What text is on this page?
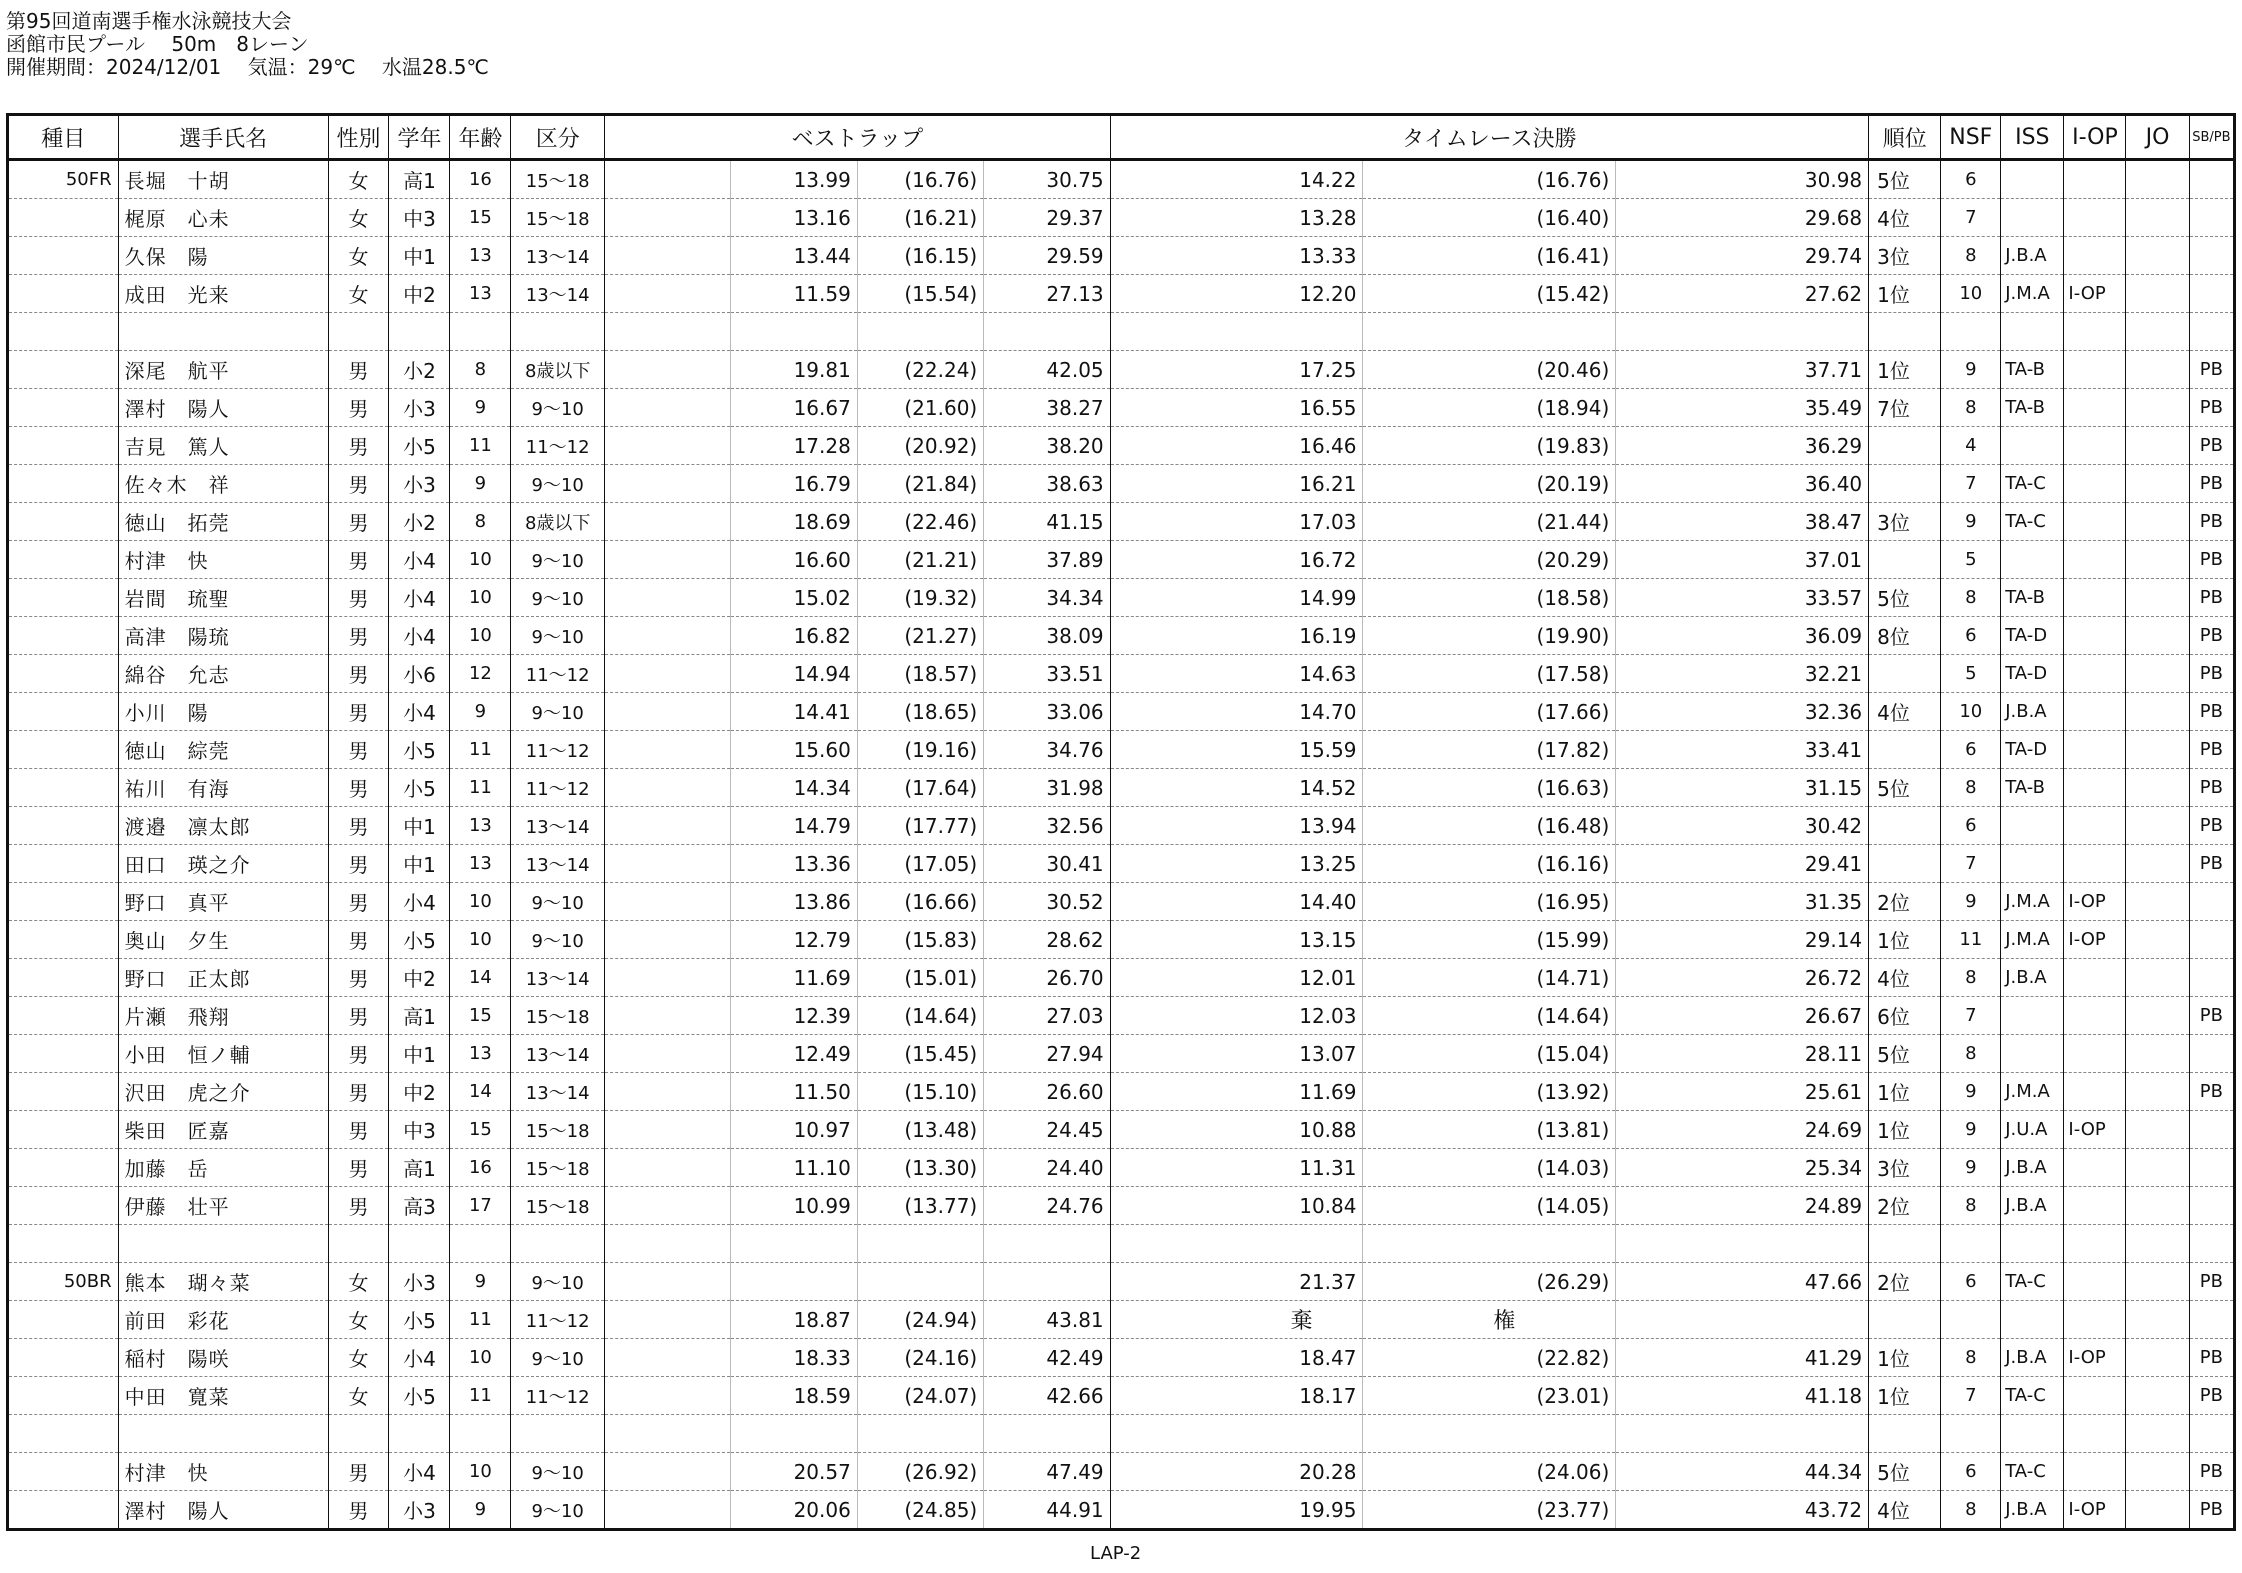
第95回道南選手権水泳競技大会
函館市民プール　 50m　8レーン
開催期間：2024/12/01　 気温：29℃　 水温28.5℃
種目	選手氏名	性別	学年	年齢	区分	ベストラップ				タイムレース決勝			順位	NSF	ISS	I-OP	JO	SB/PB
50FR	長堀　十胡	女	高1	16	15～18		13.99	(16.76)	30.75	14.22	(16.76)	30.98	5位	6				
	梶原　心未	女	中3	15	15～18		13.16	(16.21)	29.37	13.28	(16.40)	29.68	4位	7				
	久保　陽	女	中1	13	13～14		13.44	(16.15)	29.59	13.33	(16.41)	29.74	3位	8	J.B.A			
	成田　光来	女	中2	13	13～14		11.59	(15.54)	27.13	12.20	(15.42)	27.62	1位	10	J.M.A	I-OP		

	深尾　航平	男	小2	8	8歳以下		19.81	(22.24)	42.05	17.25	(20.46)	37.71	1位	9	TA-B			PB
	澤村　陽人	男	小3	9	9～10		16.67	(21.60)	38.27	16.55	(18.94)	35.49	7位	8	TA-B			PB
	吉見　篤人	男	小5	11	11～12		17.28	(20.92)	38.20	16.46	(19.83)	36.29		4				PB
	佐々木　祥	男	小3	9	9～10		16.79	(21.84)	38.63	16.21	(20.19)	36.40		7	TA-C			PB
	徳山　拓莞	男	小2	8	8歳以下		18.69	(22.46)	41.15	17.03	(21.44)	38.47	3位	9	TA-C			PB
	村津　快	男	小4	10	9～10		16.60	(21.21)	37.89	16.72	(20.29)	37.01		5				PB
	岩間　琉聖	男	小4	10	9～10		15.02	(19.32)	34.34	14.99	(18.58)	33.57	5位	8	TA-B			PB
	高津　陽琉	男	小4	10	9～10		16.82	(21.27)	38.09	16.19	(19.90)	36.09	8位	6	TA-D			PB
	綿谷　允志	男	小6	12	11～12		14.94	(18.57)	33.51	14.63	(17.58)	32.21		5	TA-D			PB
	小川　陽	男	小4	9	9～10		14.41	(18.65)	33.06	14.70	(17.66)	32.36	4位	10	J.B.A			PB
	徳山　綜莞	男	小5	11	11～12		15.60	(19.16)	34.76	15.59	(17.82)	33.41		6	TA-D			PB
	祐川　有海	男	小5	11	11～12		14.34	(17.64)	31.98	14.52	(16.63)	31.15	5位	8	TA-B			PB
	渡邉　凛太郎	男	中1	13	13～14		14.79	(17.77)	32.56	13.94	(16.48)	30.42		6				PB
	田口　瑛之介	男	中1	13	13～14		13.36	(17.05)	30.41	13.25	(16.16)	29.41		7				PB
	野口　真平	男	小4	10	9～10		13.86	(16.66)	30.52	14.40	(16.95)	31.35	2位	9	J.M.A	I-OP		
	奥山　夕生	男	小5	10	9～10		12.79	(15.83)	28.62	13.15	(15.99)	29.14	1位	11	J.M.A	I-OP		
	野口　正太郎	男	中2	14	13～14		11.69	(15.01)	26.70	12.01	(14.71)	26.72	4位	8	J.B.A			
	片瀬　飛翔	男	高1	15	15～18		12.39	(14.64)	27.03	12.03	(14.64)	26.67	6位	7				PB
	小田　恒ノ輔	男	中1	13	13～14		12.49	(15.45)	27.94	13.07	(15.04)	28.11	5位	8				
	沢田　虎之介	男	中2	14	13～14		11.50	(15.10)	26.60	11.69	(13.92)	25.61	1位	9	J.M.A			PB
	柴田　匠嘉	男	中3	15	15～18		10.97	(13.48)	24.45	10.88	(13.81)	24.69	1位	9	J.U.A	I-OP		
	加藤　岳	男	高1	16	15～18		11.10	(13.30)	24.40	11.31	(14.03)	25.34	3位	9	J.B.A			
	伊藤　壮平	男	高3	17	15～18		10.99	(13.77)	24.76	10.84	(14.05)	24.89	2位	8	J.B.A			

50BR	熊本　瑚々菜	女	小3	9	9～10					21.37	(26.29)	47.66	2位	6	TA-C			PB
	前田　彩花	女	小5	11	11～12		18.87	(24.94)	43.81	棄	権							
	稲村　陽咲	女	小4	10	9～10		18.33	(24.16)	42.49	18.47	(22.82)	41.29	1位	8	J.B.A	I-OP		PB
	中田　寛菜	女	小5	11	11～12		18.59	(24.07)	42.66	18.17	(23.01)	41.18	1位	7	TA-C			PB

	村津　快	男	小4	10	9～10		20.57	(26.92)	47.49	20.28	(24.06)	44.34	5位	6	TA-C			PB
	澤村　陽人	男	小3	9	9～10		20.06	(24.85)	44.91	19.95	(23.77)	43.72	4位	8	J.B.A	I-OP		PB
LAP-2
